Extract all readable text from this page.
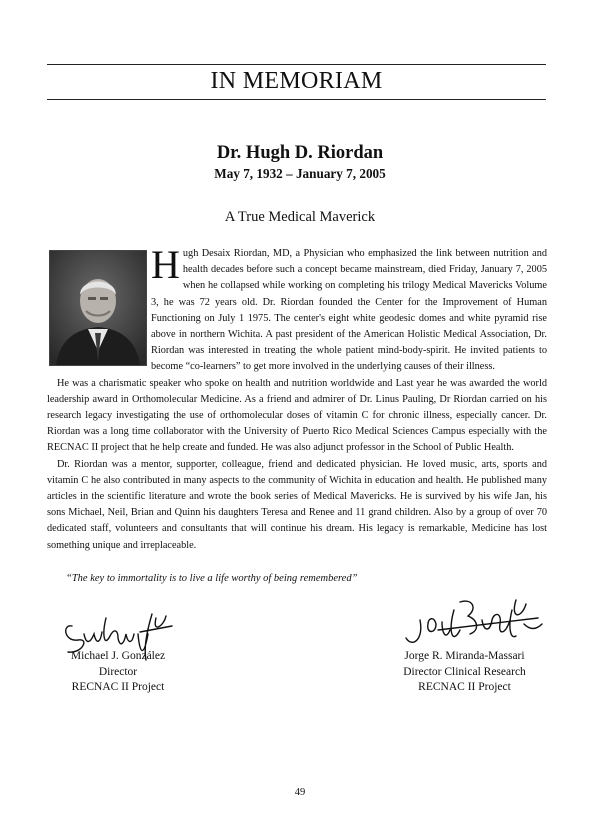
IN MEMORIAM
Dr. Hugh D. Riordan
May 7, 1932 – January 7, 2005
A True Medical Maverick

Hugh Desaix Riordan, MD, a Physician who emphasized the link between nutrition and health decades before such a concept became mainstream, died Friday, January 7, 2005 when he collapsed while working on completing his trilogy Medical Mavericks Volume 3, he was 72 years old. Dr. Riordan founded the Center for the Improvement of Human Functioning on July 1 1975. The center's eight white geodesic domes and white pyramid rise above in northern Wichita. A past president of the American Holistic Medical Association, Dr. Riordan was interested in treating the whole patient mind-body-spirit. He invited patients to become “co-learners” to get more involved in the underlying causes of their illness.

He was a charismatic speaker who spoke on health and nutrition worldwide and Last year he was awarded the world leadership award in Orthomolecular Medicine. As a friend and admirer of Dr. Linus Pauling, Dr Riordan carried on his research legacy investigating the use of orthomolecular doses of vitamin C for chronic illness, especially cancer. Dr. Riordan was a long time collaborator with the University of Puerto Rico Medical Sciences Campus especially with the RECNAC II project that he help create and funded. He was also adjunct professor in the School of Public Health.

Dr. Riordan was a mentor, supporter, colleague, friend and dedicated physician. He loved music, arts, sports and vitamin C he also contributed in many aspects to the community of Wichita in education and health. He published many articles in the scientific literature and wrote the book series of Medical Mavericks. He is survived by his wife Jan, his sons Michael, Neil, Brian and Quinn his daughters Teresa and Renee and 11 grand children. Also by a group of over 70 dedicated staff, volunteers and consultants that will continue his dream. His legacy is remarkable, Medicine has lost something unique and irreplaceable.

“The key to immortality is to live a life worthy of being remembered”
Michael J. González
Director
RECNAC II Project
Jorge R. Miranda-Massari
Director Clinical Research
RECNAC II Project
49
